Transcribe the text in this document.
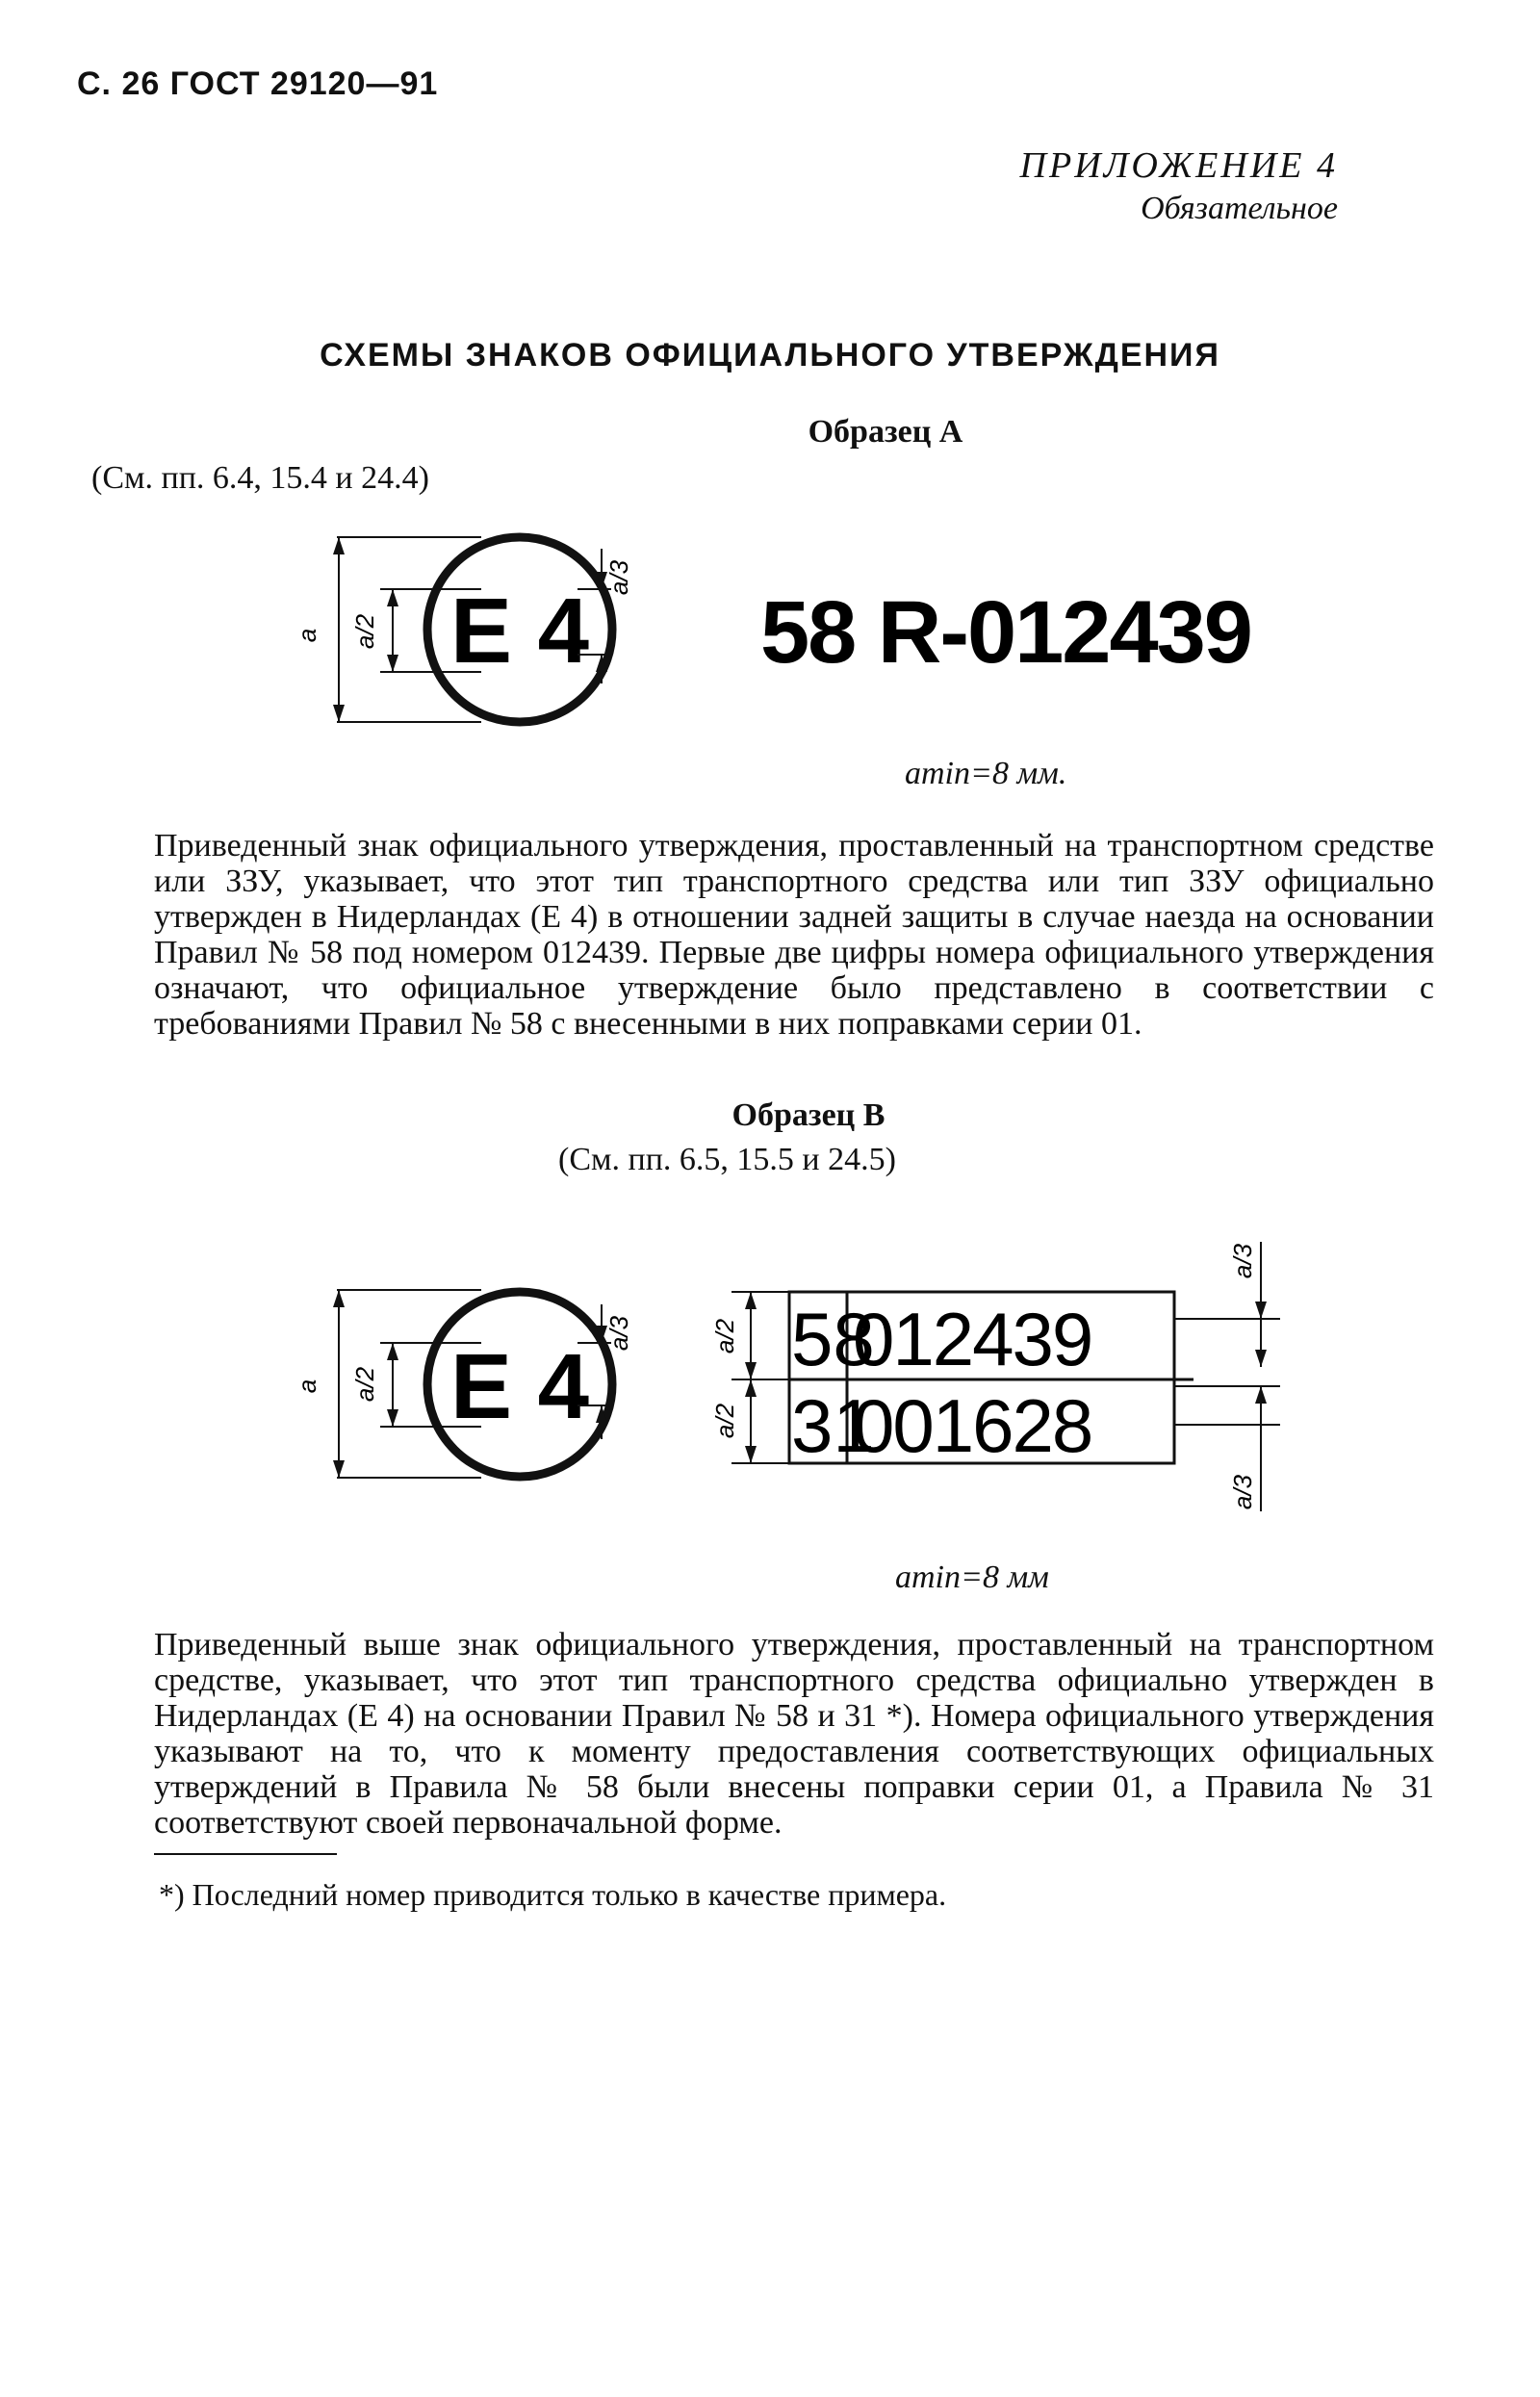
С. 26 ГОСТ 29120—91
ПРИЛОЖЕНИЕ 4
Обязательное
СХЕМЫ ЗНАКОВ ОФИЦИАЛЬНОГО УТВЕРЖДЕНИЯ
Образец А
(См. пп. 6.4, 15.4 и 24.4)
a a/2 E 4
a/3
58 R-012439
amin=8 мм.
Приведенный знак официального утверждения, проставленный на транспортном средстве или ЗЗУ, указывает, что этот тип транспортного средства или тип ЗЗУ официально утвержден в Нидерландах (Е 4) в отношении задней защиты в случае наезда на основании Правил № 58 под номером 012439. Первые две цифры номера официального утверждения означают, что официальное утверждение было представлено в соответствии с требованиями Правил № 58 с внесенными в них поправками серии 01.
Образец В
(См. пп. 6.5, 15.5 и 24.5)
a a/2 E 4
a/3	a/2
a/2
58
012439
31
001628
a/3
a/3
amin=8 мм
Приведенный выше знак официального утверждения, проставленный на транспортном средстве, указывает, что этот тип транспортного средства официально утвержден в Нидерландах (Е 4) на основании Правил № 58 и 31 *). Номера официального утверждения указывают на то, что к моменту предоставления соответствующих официальных утверждений в Правила № 58 были внесены поправки серии 01, а Правила № 31 соответствуют своей первоначальной форме.
*) Последний номер приводится только в качестве примера.
